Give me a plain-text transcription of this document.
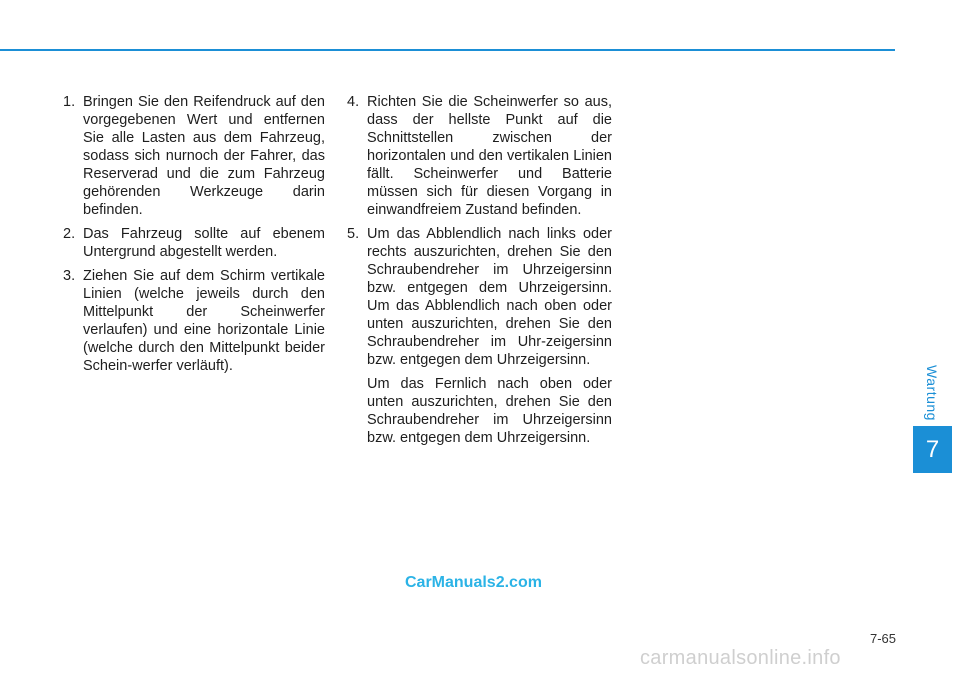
Wartung
7
1. Bringen Sie den Reifendruck auf den vorgegebenen Wert und entfernen Sie alle Lasten aus dem Fahrzeug, sodass sich nurnoch der Fahrer, das Reserverad und die zum Fahrzeug gehörenden Werkzeuge darin befinden.
2. Das Fahrzeug sollte auf ebenem Untergrund abgestellt werden.
3. Ziehen Sie auf dem Schirm vertikale Linien (welche jeweils durch den Mittelpunkt der Scheinwerfer verlaufen) und eine horizontale Linie (welche durch den Mittelpunkt beider Schein-werfer verläuft).
4. Richten Sie die Scheinwerfer so aus, dass der hellste Punkt auf die Schnittstellen zwischen der horizontalen und den vertikalen Linien fällt. Scheinwerfer und Batterie müssen sich für diesen Vorgang in einwandfreiem Zustand befinden.
5. Um das Abblendlich nach links oder rechts auszurichten, drehen Sie den Schraubendreher im Uhrzeigersinn bzw. entgegen dem Uhrzeigersinn. Um das Abblendlich nach oben oder unten auszurichten, drehen Sie den Schraubendreher im Uhr-zeigersinn bzw. entgegen dem Uhrzeigersinn.
Um das Fernlich nach oben oder unten auszurichten, drehen Sie den Schraubendreher im Uhrzeigersinn bzw. entgegen dem Uhrzeigersinn.
CarManuals2.com
7-65
carmanualsonline.info
